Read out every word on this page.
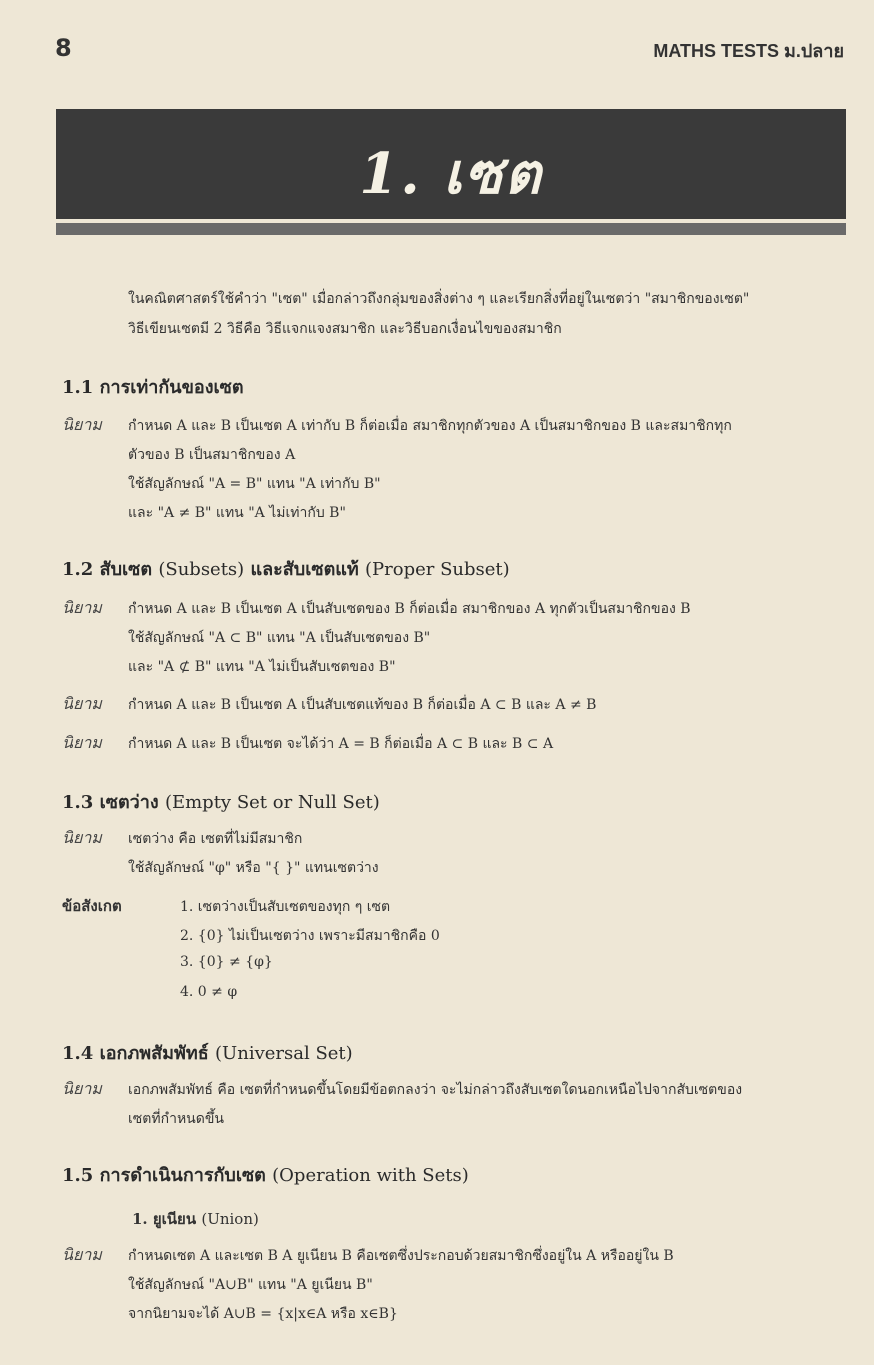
8	MATHS TESTS ม.ปลาย
1. เซต
ในคณิตศาสตร์ใช้คำว่า "เซต" เมื่อกล่าวถึงกลุ่มของสิ่งต่าง ๆ และเรียกสิ่งที่อยู่ในเซตว่า "สมาชิกของเซต"
วิธีเขียนเซตมี 2 วิธีคือ วิธีแจกแจงสมาชิก และวิธีบอกเงื่อนไขของสมาชิก
1.1 การเท่ากันของเซต
นิยาม กำหนด A และ B เป็นเซต A เท่ากับ B ก็ต่อเมื่อ สมาชิกทุกตัวของ A เป็นสมาชิกของ B และสมาชิกทุก
ตัวของ B เป็นสมาชิกของ A
ใช้สัญลักษณ์ "A = B" แทน "A เท่ากับ B"
และ "A ≠ B" แทน "A ไม่เท่ากับ B"
1.2 สับเซต (Subsets) และสับเซตแท้ (Proper Subset)
นิยาม กำหนด A และ B เป็นเซต A เป็นสับเซตของ B ก็ต่อเมื่อ สมาชิกของ A ทุกตัวเป็นสมาชิกของ B
ใช้สัญลักษณ์ "A ⊂ B" แทน "A เป็นสับเซตของ B"
และ "A ⊄ B" แทน "A ไม่เป็นสับเซตของ B"
นิยาม กำหนด A และ B เป็นเซต A เป็นสับเซตแท้ของ B ก็ต่อเมื่อ A ⊂ B และ A ≠ B
นิยาม กำหนด A และ B เป็นเซต จะได้ว่า A = B ก็ต่อเมื่อ A ⊂ B และ B ⊂ A
1.3 เซตว่าง (Empty Set or Null Set)
นิยาม เซตว่าง คือ เซตที่ไม่มีสมาชิก
ใช้สัญลักษณ์ "φ" หรือ "{ }" แทนเซตว่าง
ข้อสังเกต	1. เซตว่างเป็นสับเซตของทุก ๆ เซต
2. {0} ไม่เป็นเซตว่าง เพราะมีสมาชิกคือ 0
3. {0} ≠ {φ}
4. 0 ≠ φ
1.4 เอกภพสัมพัทธ์ (Universal Set)
นิยาม เอกภพสัมพัทธ์ คือ เซตที่กำหนดขึ้นโดยมีข้อตกลงว่า จะไม่กล่าวถึงสับเซตใดนอกเหนือไปจากสับเซตของ
เซตที่กำหนดขึ้น
1.5 การดำเนินการกับเซต (Operation with Sets)
1. ยูเนียน (Union)
นิยาม กำหนดเซต A และเซต B A ยูเนียน B คือเซตซึ่งประกอบด้วยสมาชิกซึ่งอยู่ใน A หรืออยู่ใน B
ใช้สัญลักษณ์ "A∪B" แทน "A ยูเนียน B"
จากนิยามจะได้ A∪B = {x|x∈A หรือ x∈B}
